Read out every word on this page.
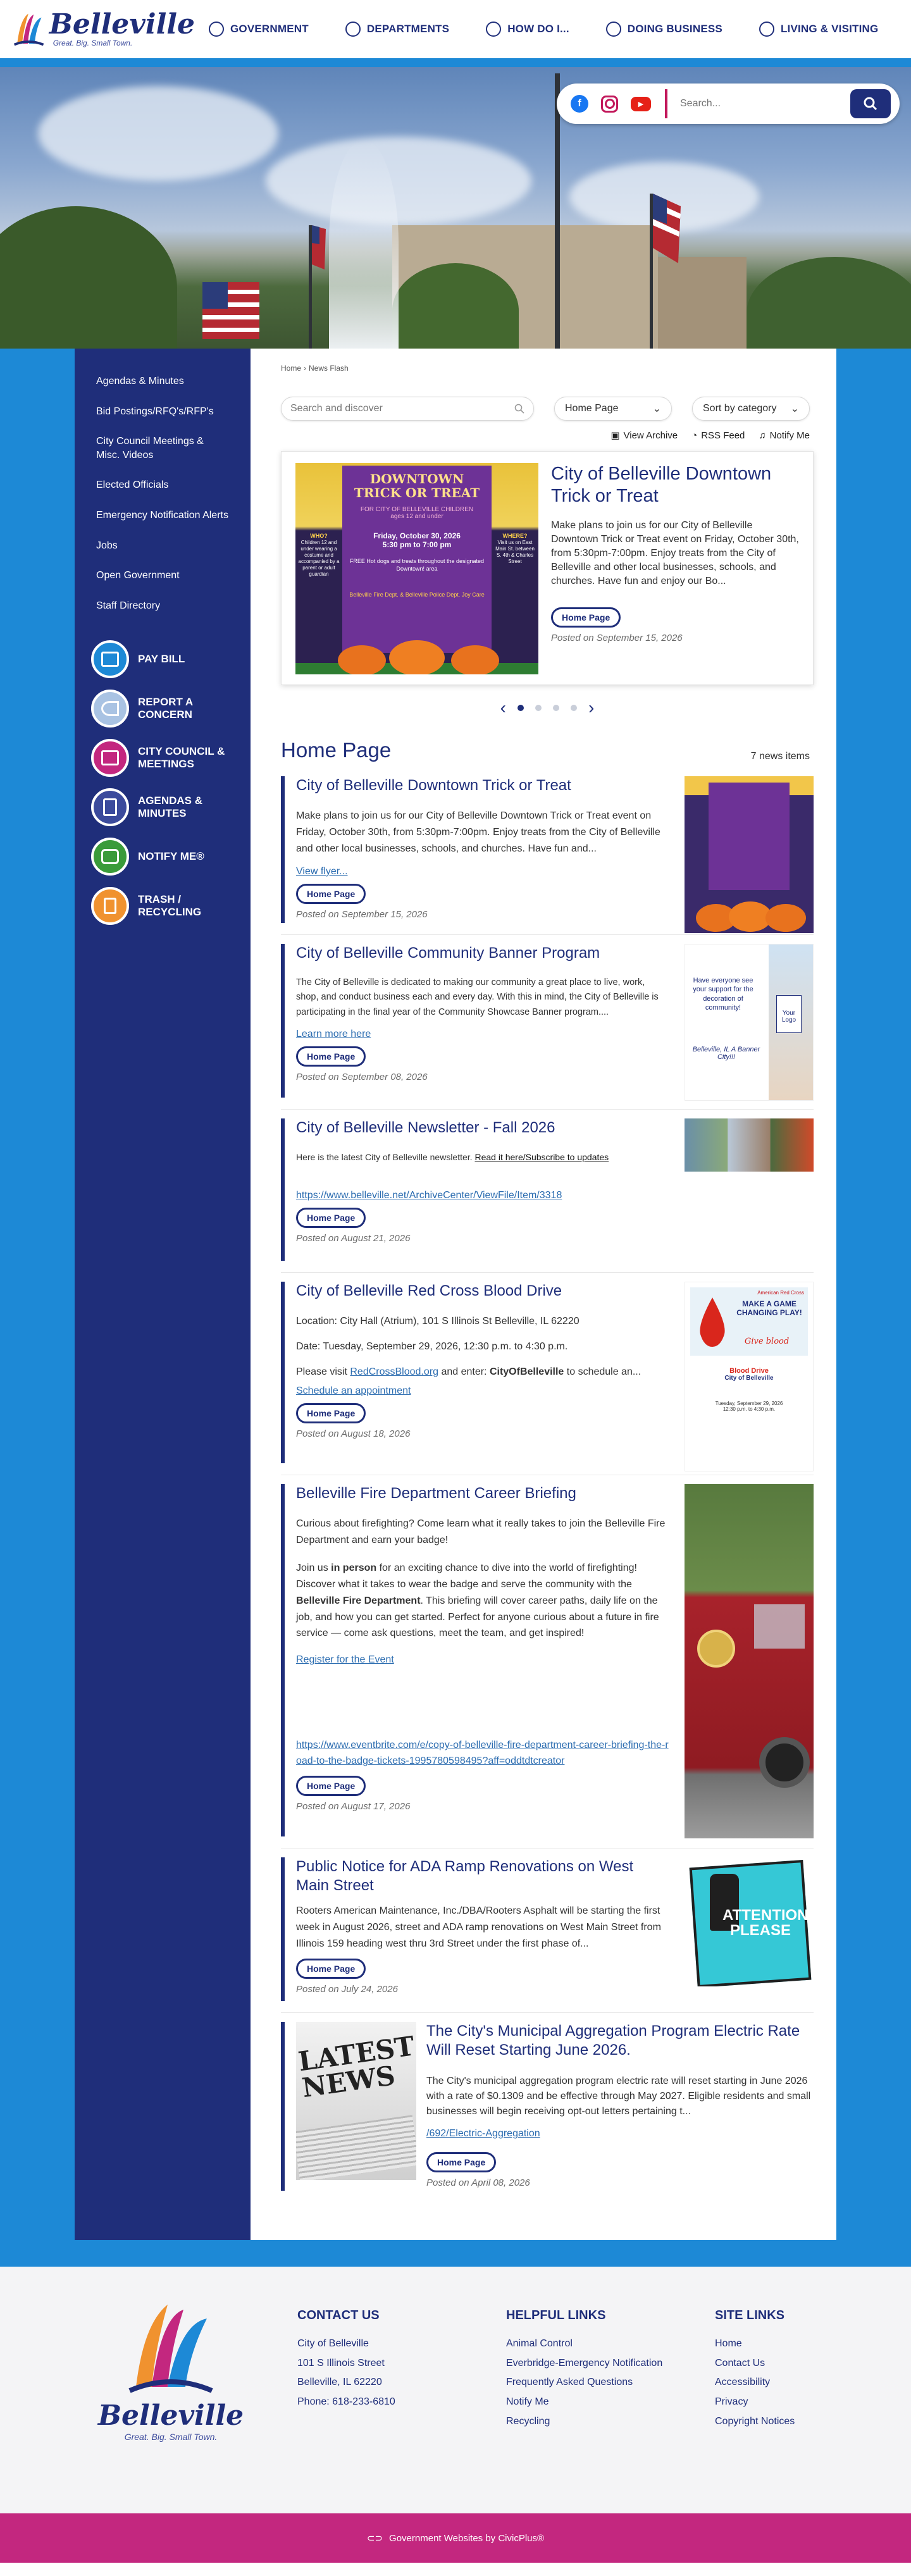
Belleville
Great. Big. Small Town.
GOVERNMENT	DEPARTMENTS	HOW DO I...	DOING BUSINESS	LIVING & VISITING
f	▶
Search...
Agendas & Minutes
Bid Postings/RFQ's/RFP's
City Council Meetings & Misc. Videos
Elected Officials
Emergency Notification Alerts
Jobs
Open Government
Staff Directory
PAY BILL
REPORT A CONCERN
CITY COUNCIL & MEETINGS
AGENDAS & MINUTES
NOTIFY ME®
TRASH / RECYCLING
Home › News Flash
Search and discover	Home Page	⌄	Sort by category ⌄
▣ View Archive ◔ RSS Feed ♫ Notify Me
DOWNTOWN TRICK OR TREAT
FOR CITY OF BELLEVILLE CHILDREN
ages 12 and under
Friday, October 30, 2026
5:30 pm to 7:00 pm
FREE Hot dogs and treats throughout the designated Downtown! area
Belleville Fire Dept. & Belleville Police Dept. Joy Care
WHO?
Children 12 and under wearing a costume and accompanied by a parent or adult guardian
WHERE?
Visit us on East Main St. between S. 4th & Charles Street
City of Belleville Downtown Trick or Treat

Make plans to join us for our City of Belleville Downtown Trick or Treat event on Friday, October 30th, from 5:30pm-7:00pm. Enjoy treats from the City of Belleville and other local businesses, schools, and churches. Have fun and enjoy our Bo...

Home Page

Posted on September 15, 2026

‹	›
Home Page	7 news items
City of Belleville Downtown Trick or Treat

Make plans to join us for our City of Belleville Downtown Trick or Treat event on Friday, October 30th, from 5:30pm-7:00pm. Enjoy treats from the City of Belleville and other local businesses, schools, and churches. Have fun and...

View flyer...
Home Page

Posted on September 15, 2026

City of Belleville Community Banner Program

The City of Belleville is dedicated to making our community a great place to live, work, shop, and conduct business each and every day. With this in mind, the City of Belleville is participating in the final year of the Community Showcase Banner program....

Learn more here
Home Page

Posted on September 08, 2026

Have everyone see your support for the decoration of community!

Your Logo

Belleville, IL A Banner City!!!

City of Belleville Newsletter - Fall 2026

Here is the latest City of Belleville newsletter. Read it here/Subscribe to updates

https://www.belleville.net/ArchiveCenter/ViewFile/Item/3318
Home Page

Posted on August 21, 2026

City of Belleville Red Cross Blood Drive

Location: City Hall (Atrium), 101 S Illinois St Belleville, IL 62220

Date: Tuesday, September 29, 2026, 12:30 p.m. to 4:30 p.m.

Please visit RedCrossBlood.org and enter: CityOfBelleville to schedule an...

Schedule an appointment
Home Page

Posted on August 18, 2026

American Red Cross

MAKE A GAME CHANGING PLAY!

Give blood

Blood Drive

City of Belleville

Tuesday, September 29, 2026

12:30 p.m. to 4:30 p.m.

Belleville Fire Department Career Briefing

Curious about firefighting? Come learn what it really takes to join the Belleville Fire Department and earn your badge!

Join us in person for an exciting chance to dive into the world of firefighting! Discover what it takes to wear the badge and serve the community with the Belleville Fire Department. This briefing will cover career paths, daily life on the job, and how you can get started. Perfect for anyone curious about a future in fire service — come ask questions, meet the team, and get inspired!

Register for the Event
https://www.eventbrite.com/e/copy-of-belleville-fire-department-career-briefing-the-road-to-the-badge-tickets-1995780598495?aff=oddtdtcreator
Home Page

Posted on August 17, 2026

Public Notice for ADA Ramp Renovations on West Main Street

Rooters American Maintenance, Inc./DBA/Rooters Asphalt will be starting the first week in August 2026, street and ADA ramp renovations on West Main Street from Illinois 159 heading west thru 3rd Street under the first phase of...

Home Page

Posted on July 24, 2026

ATTENTION PLEASE
LATEST NEWS
The City's Municipal Aggregation Program Electric Rate Will Reset Starting June 2026.

The City's municipal aggregation program electric rate will reset starting in June 2026 with a rate of $0.1309 and be effective through May 2027. Eligible residents and small businesses will begin receiving opt-out letters pertaining t...

/692/Electric-Aggregation
Home Page

Posted on April 08, 2026

Belleville
Great. Big. Small Town.
CONTACT US

City of Belleville

101 S Illinois Street

Belleville, IL 62220

Phone: 618-233-6810

HELPFUL LINKS
Animal Control
Everbridge-Emergency Notification
Frequently Asked Questions
Notify Me
Recycling
SITE LINKS
Home
Contact Us
Accessibility
Privacy
Copyright Notices
⊂⊃ Government Websites by CivicPlus®
